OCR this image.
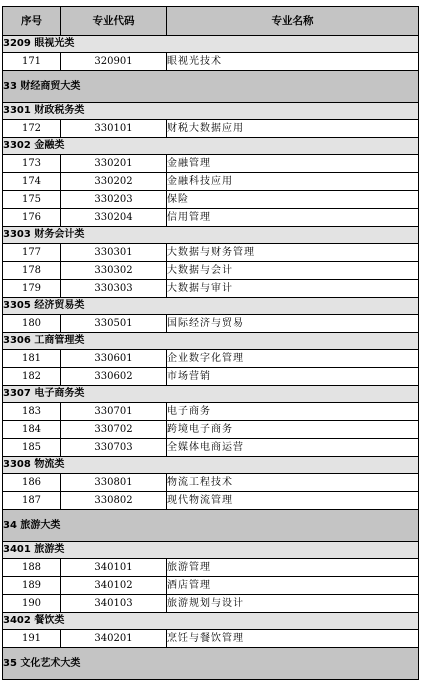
序号	专业代码	专业名称
3209 眼视光类		
171	320901	眼视光技术
33 财经商贸大类		
3301 财政税务类		
172	330101	财税大数据应用
3302 金融类		
173	330201	金融管理
174	330202	金融科技应用
175	330203	保险
176	330204	信用管理
3303 财务会计类		
177	330301	大数据与财务管理
178	330302	大数据与会计
179	330303	大数据与审计
3305 经济贸易类		
180	330501	国际经济与贸易
3306 工商管理类		
181	330601	企业数字化管理
182	330602	市场营销
3307 电子商务类		
183	330701	电子商务
184	330702	跨境电子商务
185	330703	全媒体电商运营
3308 物流类		
186	330801	物流工程技术
187	330802	现代物流管理
34 旅游大类		
3401 旅游类		
188	340101	旅游管理
189	340102	酒店管理
190	340103	旅游规划与设计
3402 餐饮类		
191	340201	烹饪与餐饮管理
35 文化艺术大类		
